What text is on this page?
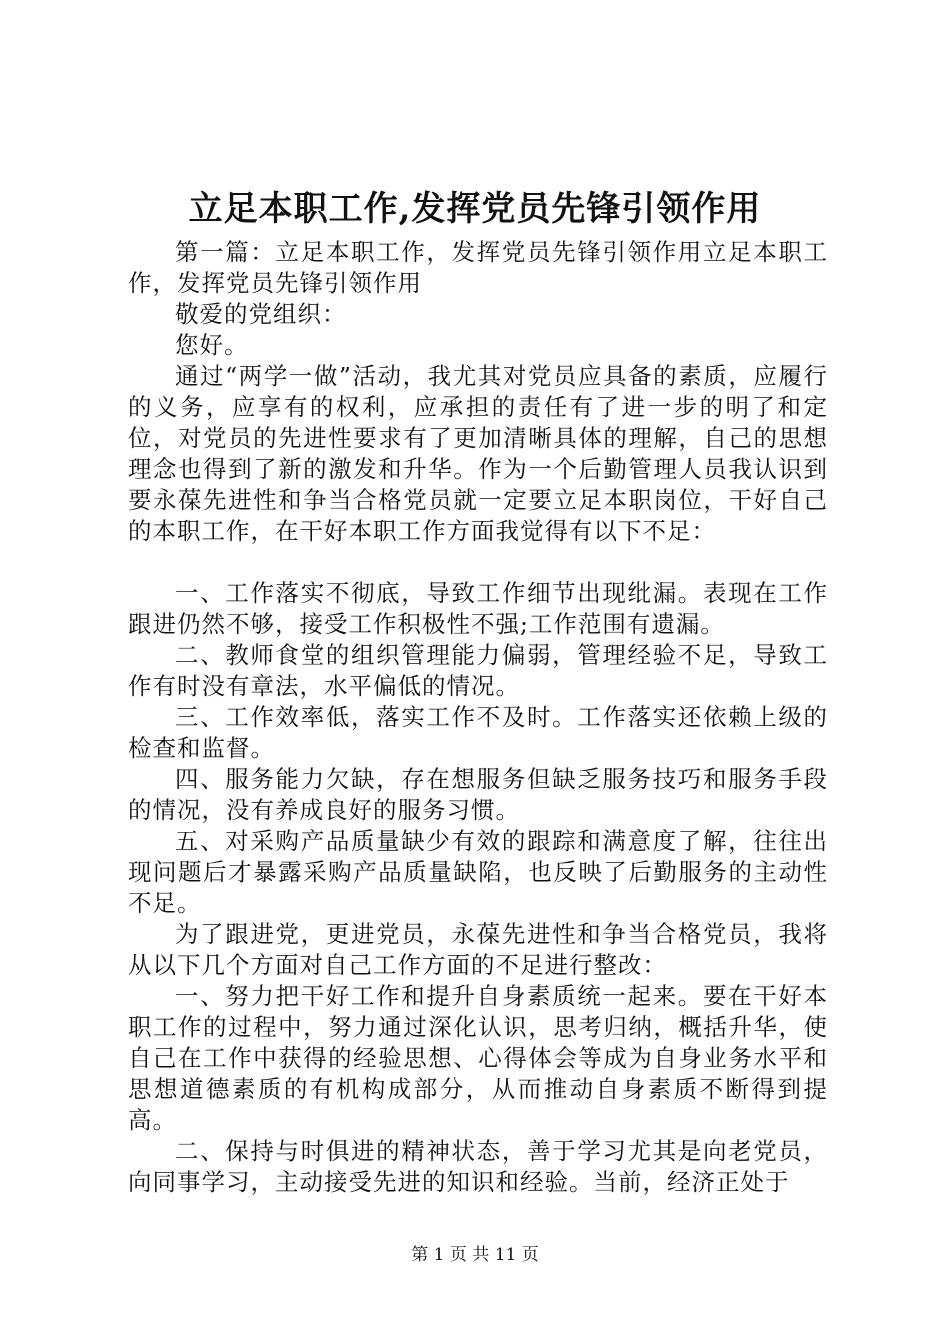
立足本职工作,发挥党员先锋引领作用

第一篇：立足本职工作，发挥党员先锋引领作用立足本职工作，发挥党员先锋引领作用

敬爱的党组织：

您好。

通过“两学一做”活动，我尤其对党员应具备的素质，应履行的义务，应享有的权利，应承担的责任有了进一步的明了和定位，对党员的先进性要求有了更加清晰具体的理解，自己的思想理念也得到了新的激发和升华。作为一个后勤管理人员我认识到要永葆先进性和争当合格党员就一定要立足本职岗位，干好自己的本职工作，在干好本职工作方面我觉得有以下不足：

一、工作落实不彻底，导致工作细节出现纰漏。表现在工作跟进仍然不够，接受工作积极性不强;工作范围有遗漏。

二、教师食堂的组织管理能力偏弱，管理经验不足，导致工作有时没有章法，水平偏低的情况。

三、工作效率低，落实工作不及时。工作落实还依赖上级的检查和监督。

四、服务能力欠缺，存在想服务但缺乏服务技巧和服务手段的情况，没有养成良好的服务习惯。

五、对采购产品质量缺少有效的跟踪和满意度了解，往往出现问题后才暴露采购产品质量缺陷，也反映了后勤服务的主动性不足。

为了跟进党，更进党员，永葆先进性和争当合格党员，我将从以下几个方面对自己工作方面的不足进行整改：

一、努力把干好工作和提升自身素质统一起来。要在干好本职工作的过程中，努力通过深化认识，思考归纳，概括升华，使自己在工作中获得的经验思想、心得体会等成为自身业务水平和思想道德素质的有机构成部分，从而推动自身素质不断得到提高。

二、保持与时俱进的精神状态，善于学习尤其是向老党员，向同事学习，主动接受先进的知识和经验。当前，经济正处于

第 1 页 共 11 页
